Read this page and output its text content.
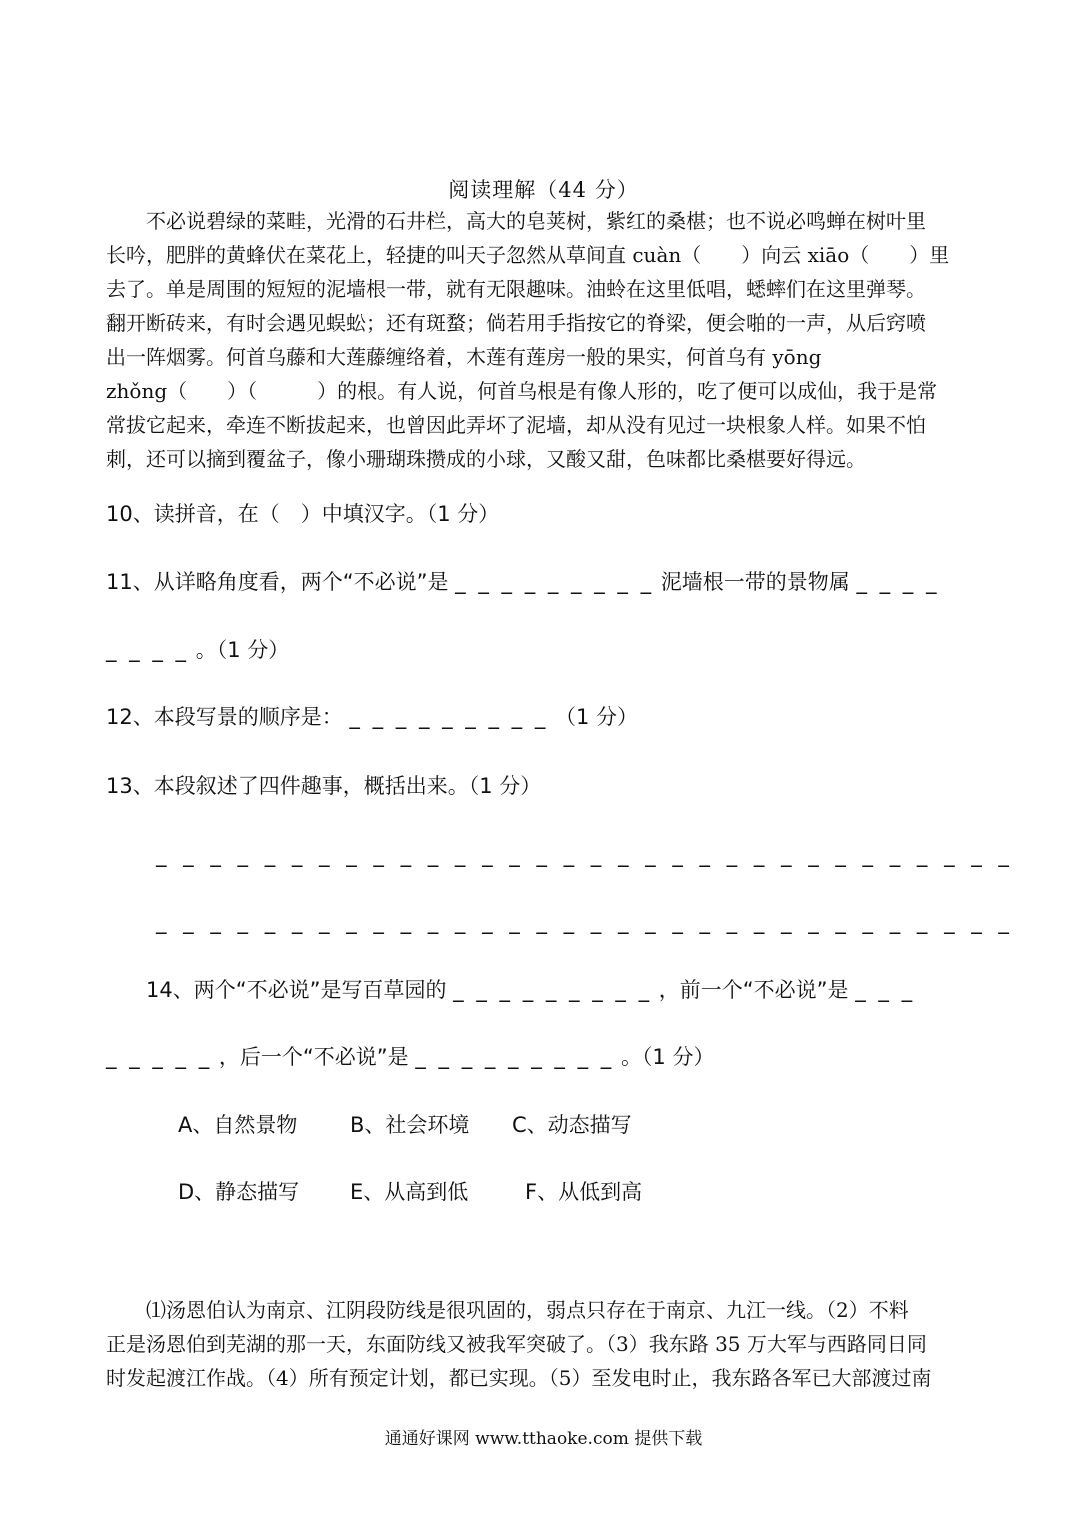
阅读理解（44 分）

　　不必说碧绿的菜畦，光滑的石井栏，高大的皂荚树，紫红的桑椹；也不说必鸣蝉在树叶里

长吟，肥胖的黄蜂伏在菜花上，轻捷的叫天子忽然从草间直 cuàn（　　）向云 xiāo（　　）里

去了。单是周围的短短的泥墙根一带，就有无限趣味。油蛉在这里低唱，蟋蟀们在这里弹琴。

翻开断砖来，有时会遇见蜈蚣；还有斑蝥；倘若用手指按它的脊梁，便会啪的一声，从后窍喷

出一阵烟雾。何首乌藤和大莲藤缠络着，木莲有莲房一般的果实，何首乌有 yōng

zhǒng（　　）（　　　）的根。有人说，何首乌根是有像人形的，吃了便可以成仙，我于是常

常拔它起来，牵连不断拔起来，也曾因此弄坏了泥墙，却从没有见过一块根象人样。如果不怕

刺，还可以摘到覆盆子，像小珊瑚珠攒成的小球，又酸又甜，色味都比桑椹要好得远。

10、读拼音，在（　）中填汉字。（1 分）
11、从详略角度看，两个“不必说”是 _ _ _ _ _ _ _ _ _ 泥墙根一带的景物属 _ _ _ _
_ _ _ _ 。（1 分）
12、本段写景的顺序是： _ _ _ _ _ _ _ _ _ （1 分）
13、本段叙述了四件趣事，概括出来。（1 分）
_ _ _ _ _ _ _ _ _ _ _ _ _ _ _ _ _ _ _ _ _ _ _ _ _ _ _ _ _ _ _ _
_ _ _ _ _ _ _ _ _ _ _ _ _ _ _ _ _ _ _ _ _ _ _ _ _ _ _ _ _ _ _ _
14、两个“不必说”是写百草园的 _ _ _ _ _ _ _ _ _ ，前一个“不必说”是 _ _ _
_ _ _ _ _ ，后一个“不必说”是 _ _ _ _ _ _ _ _ _ 。（1 分）
A、自然景物	B、社会环境 C、动态描写
D、静态描写 E、从高到低	F、从低到高

　　⑴汤恩伯认为南京、江阴段防线是很巩固的，弱点只存在于南京、九江一线。（2）不料

正是汤恩伯到芜湖的那一天，东面防线又被我军突破了。（3）我东路 35 万大军与西路同日同

时发起渡江作战。（4）所有预定计划，都已实现。（5）至发电时止，我东路各军已大部渡过南

通通好课网 www.tthaoke.com 提供下载
